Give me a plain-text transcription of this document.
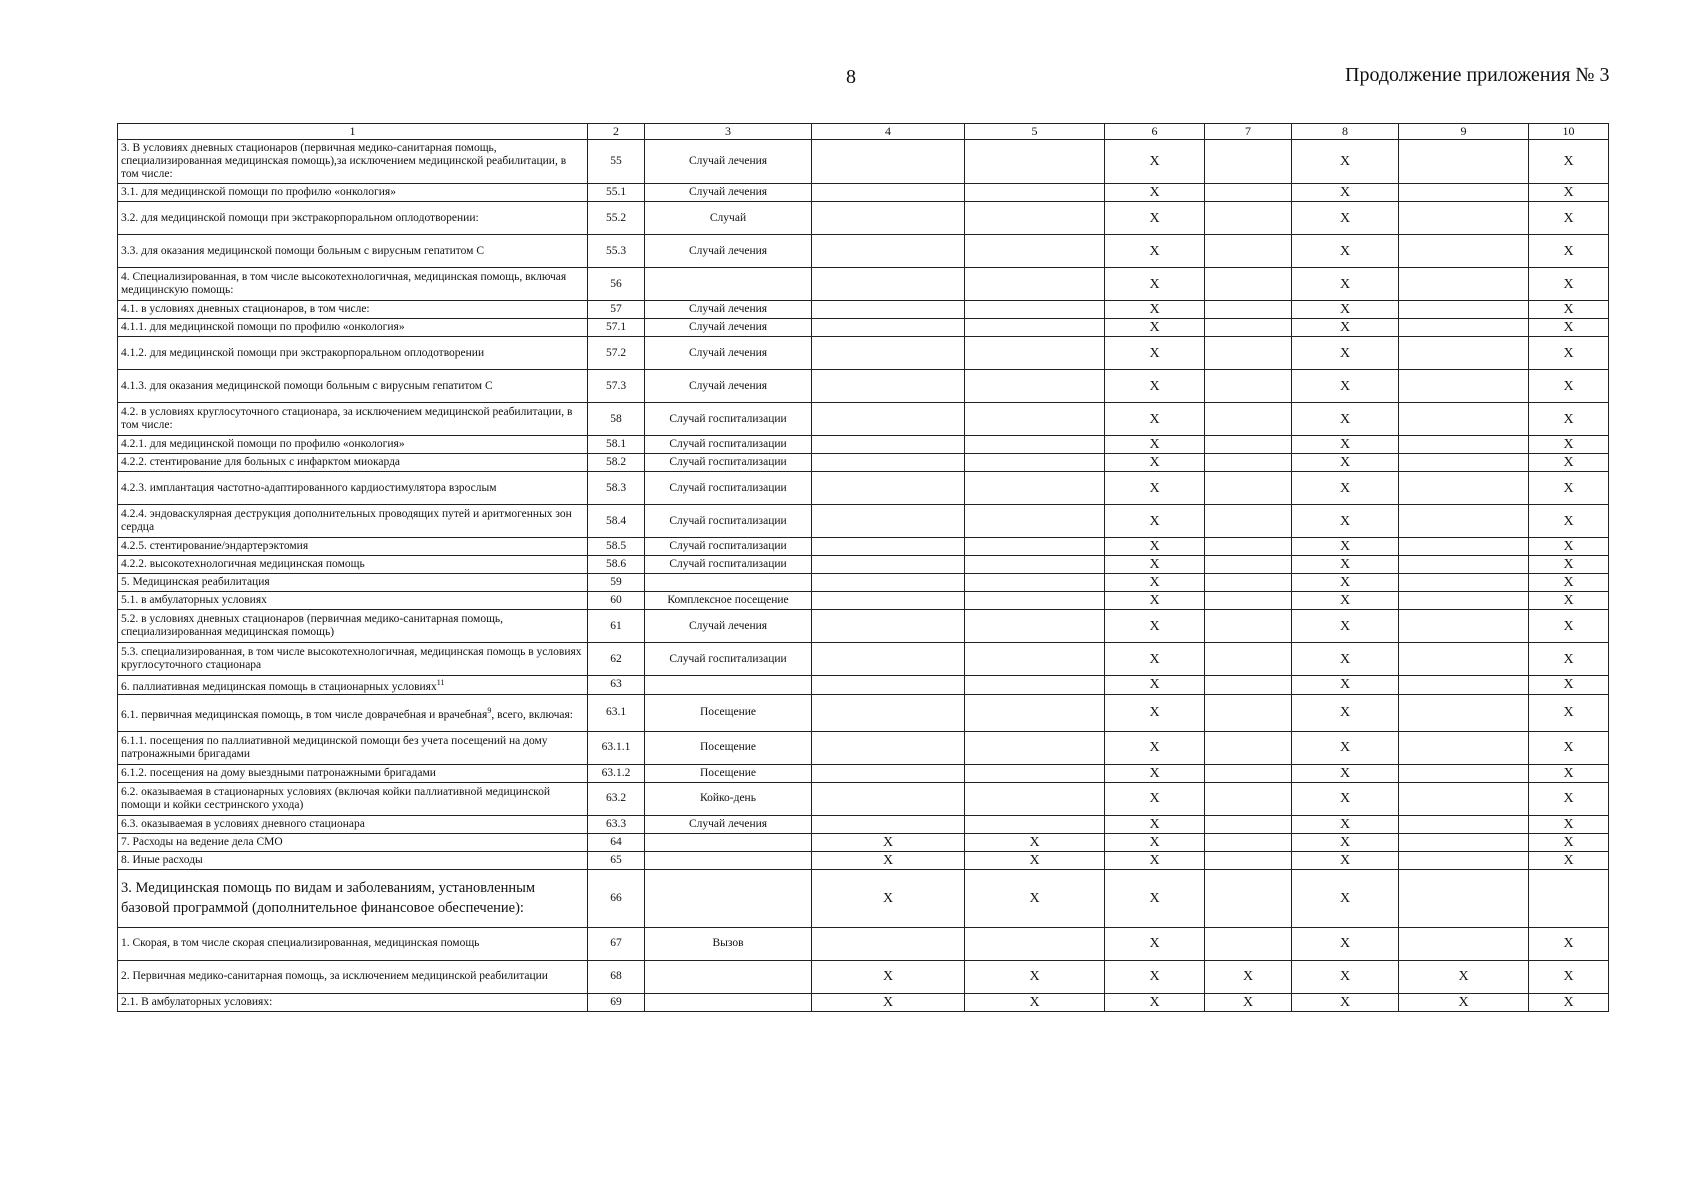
8	Продолжение приложения № 3
1	2	3	4	5	6	7	8	9	10
3. В условиях дневных стационаров (первичная медико-санитарная помощь, специализированная медицинская помощь),за исключением медицинской реабилитации, в том числе:	55	Случай лечения			X		X		X
3.1. для медицинской помощи по профилю «онкология»	55.1	Случай лечения			X		X		X
3.2. для медицинской помощи при экстракорпоральном оплодотворении:	55.2	Случай			X		X		X
3.3. для оказания медицинской помощи больным с вирусным гепатитом С	55.3	Случай лечения			X		X		X
4. Специализированная, в том числе высокотехнологичная, медицинская помощь, включая медицинскую помощь:	56				X		X		X
4.1. в условиях дневных стационаров, в том числе:	57	Случай лечения			X		X		X
4.1.1. для медицинской помощи по профилю «онкология»	57.1	Случай лечения			X		X		X
4.1.2. для медицинской помощи при экстракорпоральном оплодотворении	57.2	Случай лечения			X		X		X
4.1.3. для оказания медицинской помощи больным с вирусным гепатитом С	57.3	Случай лечения			X		X		X
4.2. в условиях круглосуточного стационара, за исключением медицинской реабилитации, в том числе:	58	Случай госпитализации			X		X		X
4.2.1. для медицинской помощи по профилю «онкология»	58.1	Случай госпитализации			X		X		X
4.2.2. стентирование для больных с инфарктом миокарда	58.2	Случай госпитализации			X		X		X
4.2.3. имплантация частотно-адаптированного кардиостимулятора взрослым	58.3	Случай госпитализации			X		X		X
4.2.4. эндоваскулярная деструкция дополнительных проводящих путей и аритмогенных зон сердца	58.4	Случай госпитализации			X		X		X
4.2.5. стентирование/эндартерэктомия	58.5	Случай госпитализации			X		X		X
4.2.2. высокотехнологичная медицинская помощь	58.6	Случай госпитализации			X		X		X
5. Медицинская реабилитация	59				X		X		X
5.1. в амбулаторных условиях	60	Комплексное посещение			X		X		X
5.2. в условиях дневных стационаров (первичная медико-санитарная помощь, специализированная медицинская помощь)	61	Случай лечения			X		X		X
5.3. специализированная, в том числе высокотехнологичная, медицинская помощь в условиях круглосуточного стационара	62	Случай госпитализации			X		X		X
6. паллиативная медицинская помощь в стационарных условиях$^{11}$	63				X		X		X
6.1. первичная медицинская помощь, в том числе доврачебная и врачебная$^9$, всего, включая:	63.1	Посещение			X		X		X
6.1.1. посещения по паллиативной медицинской помощи без учета посещений на дому патронажными бригадами	63.1.1	Посещение			X		X		X
6.1.2. посещения на дому выездными патронажными бригадами	63.1.2	Посещение			X		X		X
6.2. оказываемая в стационарных условиях (включая койки паллиативной медицинской помощи и койки сестринского ухода)	63.2	Койко-день			X		X		X
6.3. оказываемая в условиях дневного стационара	63.3	Случай лечения			X		X		X
7. Расходы на ведение дела СМО	64		X	X	X		X		X
8. Иные расходы	65		X	X	X		X		X
3. Медицинская помощь по видам и заболеваниям, установленным базовой программой (дополнительное финансовое обеспечение):	66		X	X	X		X		
1. Скорая, в том числе скорая специализированная, медицинская помощь	67	Вызов			X		X		X
2. Первичная медико-санитарная помощь, за исключением медицинской реабилитации	68		X	X	X	X	X	X	X
2.1. В амбулаторных условиях:	69		X	X	X	X	X	X	X
